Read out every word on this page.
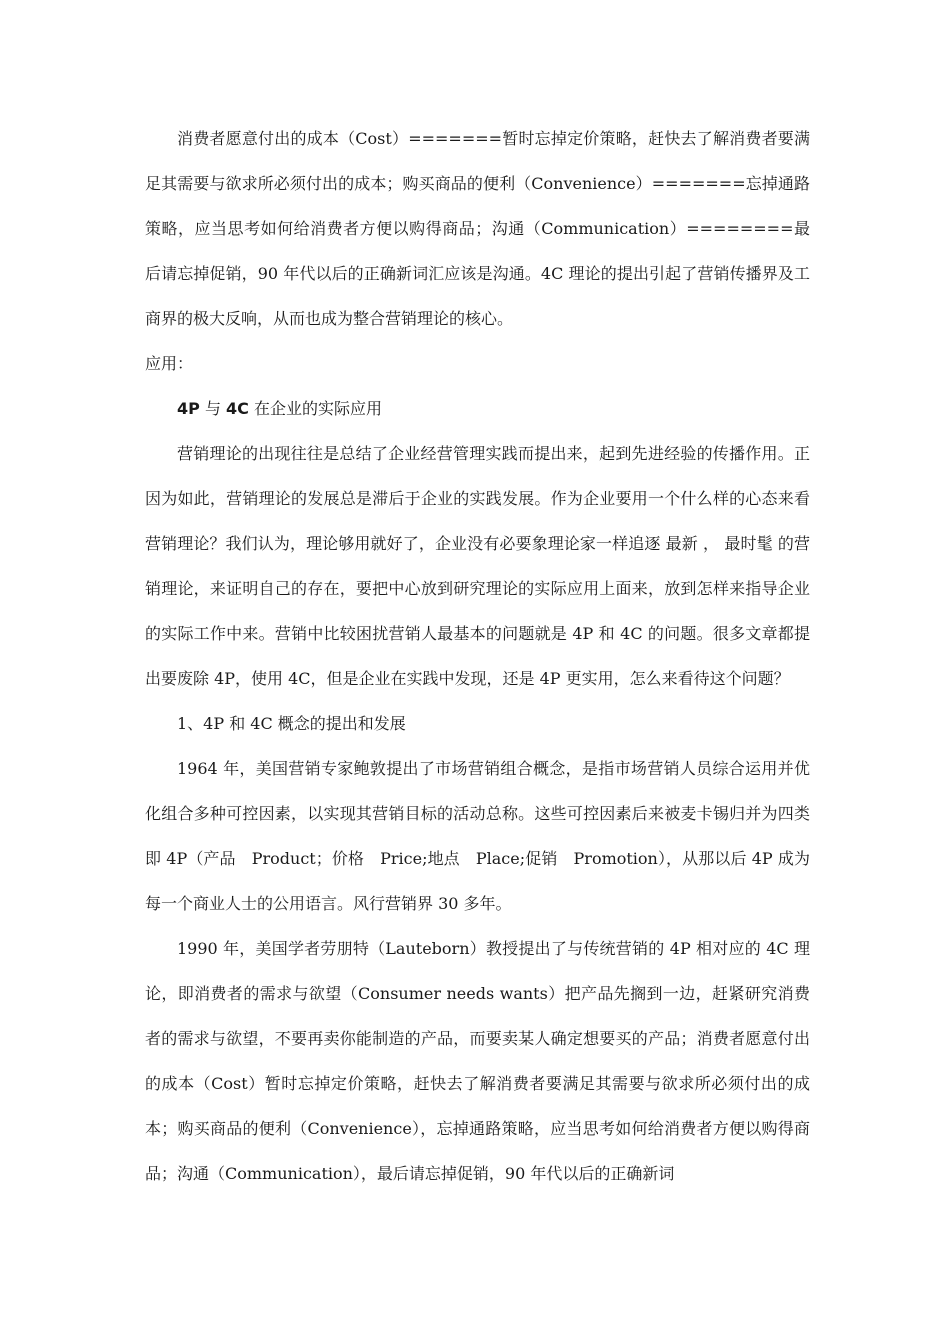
消费者愿意付出的成本（Cost）=======暂时忘掉定价策略，赶快去了解消费者要满足其需要与欲求所必须付出的成本；购买商品的便利（Convenience）=======忘掉通路策略，应当思考如何给消费者方便以购得商品；沟通（Communication）========最后请忘掉促销，90 年代以后的正确新词汇应该是沟通。4C 理论的提出引起了营销传播界及工商界的极大反响，从而也成为整合营销理论的核心。

应用：

4P 与 4C 在企业的实际应用

营销理论的出现往往是总结了企业经营管理实践而提出来，起到先进经验的传播作用。正因为如此，营销理论的发展总是滞后于企业的实践发展。作为企业要用一个什么样的心态来看营销理论？我们认为，理论够用就好了，企业没有必要象理论家一样追逐 最新 ， 最时髦 的营销理论，来证明自己的存在，要把中心放到研究理论的实际应用上面来，放到怎样来指导企业的实际工作中来。营销中比较困扰营销人最基本的问题就是 4P 和 4C 的问题。很多文章都提出要废除 4P，使用 4C，但是企业在实践中发现，还是 4P 更实用，怎么来看待这个问题？

1、4P 和 4C 概念的提出和发展

1964 年，美国营销专家鲍敦提出了市场营销组合概念，是指市场营销人员综合运用并优化组合多种可控因素，以实现其营销目标的活动总称。这些可控因素后来被麦卡锡归并为四类即 4P（产品　Product；价格　Price;地点　Place;促销　Promotion），从那以后 4P 成为每一个商业人士的公用语言。风行营销界 30 多年。

1990 年，美国学者劳朋特（Lauteborn）教授提出了与传统营销的 4P 相对应的 4C 理论，即消费者的需求与欲望（Consumer needs wants）把产品先搁到一边，赶紧研究消费者的需求与欲望，不要再卖你能制造的产品，而要卖某人确定想要买的产品；消费者愿意付出的成本（Cost）暂时忘掉定价策略，赶快去了解消费者要满足其需要与欲求所必须付出的成本；购买商品的便利（Convenience），忘掉通路策略，应当思考如何给消费者方便以购得商品；沟通（Communication），最后请忘掉促销，90 年代以后的正确新词
